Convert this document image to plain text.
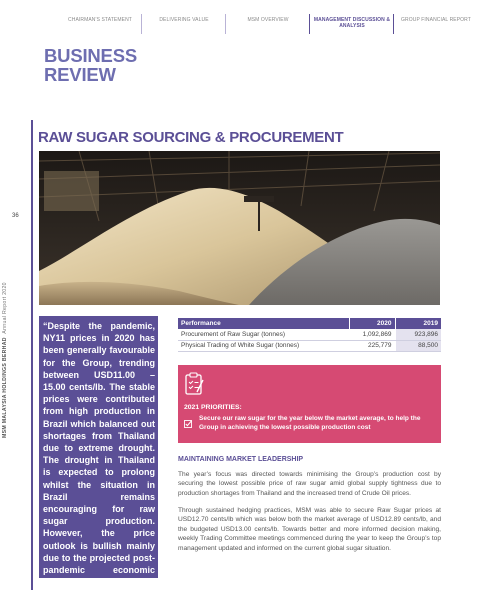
CHAIRMAN'S STATEMENT	DELIVERING VALUE	MSM OVERVIEW	MANAGEMENT DISCUSSION & ANALYSIS
GROUP FINANCIAL REPORT
BUSINESS
REVIEW
36
MSM MALAYSIA HOLDINGS BERHAD  Annual Report 2020
RAW SUGAR SOURCING & PROCUREMENT
“Despite the pandemic, NY11 prices in 2020 has been generally favourable for the Group, trending between USD11.00 – 15.00 cents/lb. The stable prices were contributed from high production in Brazil which balanced out shortages from Thailand due to extreme drought. The drought in Thailand is expected to prolong whilst the situation in Brazil remains encouraging for raw sugar production. However, the price outlook is bullish mainly due to the projected post-pandemic economic recovery, improvements in crude oil price and weather risks in Brazil.”
Performance	2020	2019
Procurement of Raw Sugar (tonnes)	1,092,869	923,896
Physical Trading of White Sugar (tonnes)	225,779	88,500
2021 PRIORITIES:
Secure our raw sugar for the year below the market average, to help the Group in achieving the lowest possible production cost
MAINTAINING MARKET LEADERSHIP
The year’s focus was directed towards minimising the Group’s production cost by securing the lowest possible price of raw sugar amid global supply tightness due to production shortages from Thailand and the increased trend of Crude Oil prices.
Through sustained hedging practices, MSM was able to secure Raw Sugar prices at USD12.70 cents/lb which was below both the market average of USD12.89 cents/lb, and the budgeted USD13.00 cents/lb. Towards better and more informed decision making, weekly Trading Committee meetings commenced during the year to keep the Group’s top management updated and informed on the current global sugar situation.
